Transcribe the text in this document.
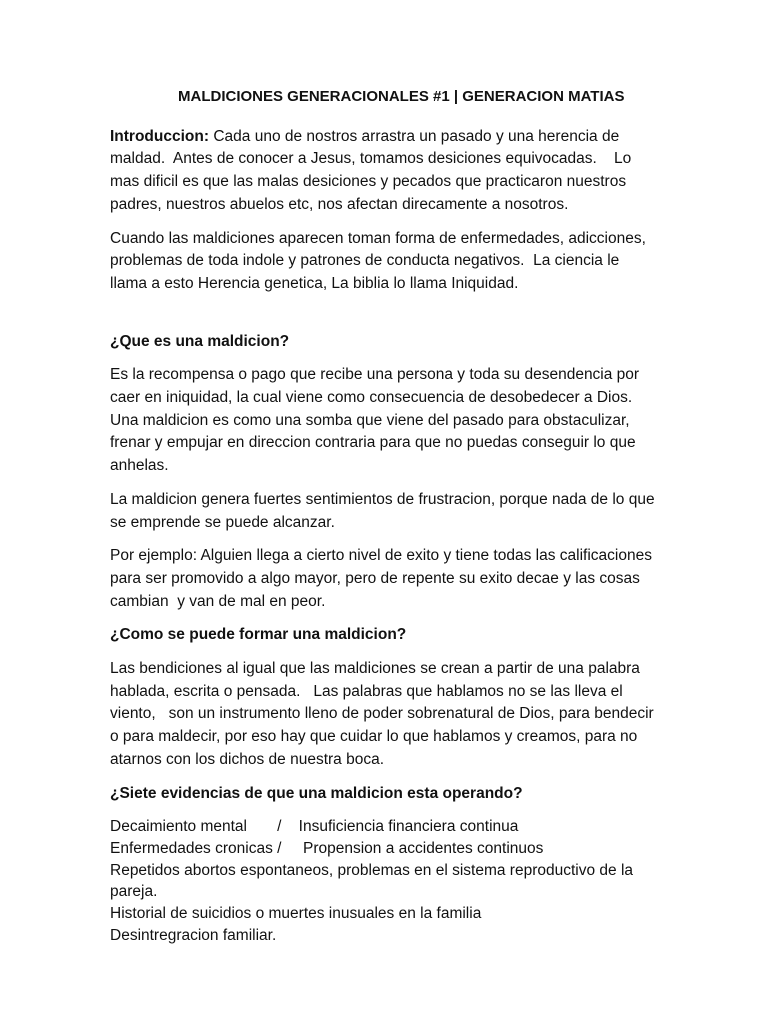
MALDICIONES GENERACIONALES #1 | GENERACION MATIAS

Introduccion: Cada uno de nostros arrastra un pasado y una herencia de maldad.  Antes de conocer a Jesus, tomamos desiciones equivocadas.    Lo mas dificil es que las malas desiciones y pecados que practicaron nuestros padres, nuestros abuelos etc, nos afectan direcamente a nosotros.

Cuando las maldiciones aparecen toman forma de enfermedades, adicciones, problemas de toda indole y patrones de conducta negativos.  La ciencia le llama a esto Herencia genetica, La biblia lo llama Iniquidad.

¿Que es una maldicion?

Es la recompensa o pago que recibe una persona y toda su desendencia por caer en iniquidad, la cual viene como consecuencia de desobedecer a Dios.   Una maldicion es como una somba que viene del pasado para obstaculizar, frenar y empujar en direccion contraria para que no puedas conseguir lo que anhelas.

La maldicion genera fuertes sentimientos de frustracion, porque nada de lo que se emprende se puede alcanzar.

Por ejemplo: Alguien llega a cierto nivel de exito y tiene todas las calificaciones para ser promovido a algo mayor, pero de repente su exito decae y las cosas cambian  y van de mal en peor.

¿Como se puede formar una maldicion?

Las bendiciones al igual que las maldiciones se crean a partir de una palabra hablada, escrita o pensada.   Las palabras que hablamos no se las lleva el viento,   son un instrumento lleno de poder sobrenatural de Dios, para bendecir o para maldecir, por eso hay que cuidar lo que hablamos y creamos, para no atarnos con los dichos de nuestra boca.

¿Siete evidencias de que una maldicion esta operando?

Decaimiento mental       /    Insuficiencia financiera continua
Enfermedades cronicas /     Propension a accidentes continuos
Repetidos abortos espontaneos, problemas en el sistema reproductivo de la pareja.
Historial de suicidios o muertes inusuales en la familia
Desintregracion familiar.
